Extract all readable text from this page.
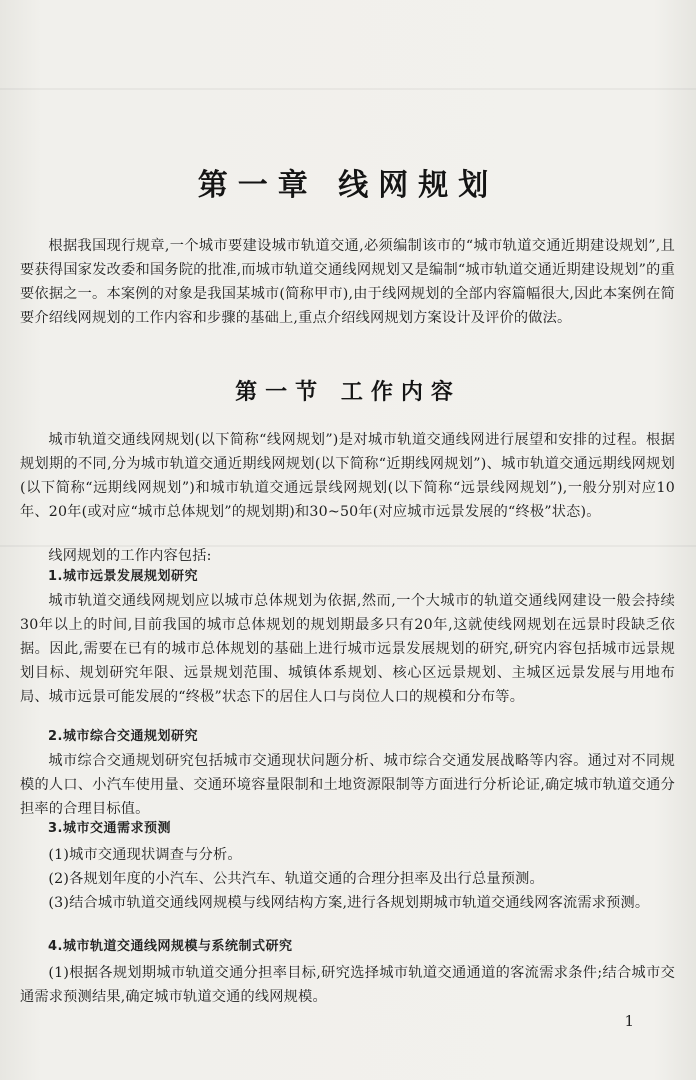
第一章 线网规划

根据我国现行规章,一个城市要建设城市轨道交通,必须编制该市的“城市轨道交通近期建设规划”,且要获得国家发改委和国务院的批准,而城市轨道交通线网规划又是编制“城市轨道交通近期建设规划”的重要依据之一。本案例的对象是我国某城市(简称甲市),由于线网规划的全部内容篇幅很大,因此本案例在简要介绍线网规划的工作内容和步骤的基础上,重点介绍线网规划方案设计及评价的做法。

第一节 工作内容

城市轨道交通线网规划(以下简称“线网规划”)是对城市轨道交通线网进行展望和安排的过程。根据规划期的不同,分为城市轨道交通近期线网规划(以下简称“近期线网规划”)、城市轨道交通远期线网规划(以下简称“远期线网规划”)和城市轨道交通远景线网规划(以下简称“远景线网规划”),一般分别对应10年、20年(或对应“城市总体规划”的规划期)和30~50年(对应城市远景发展的“终极”状态)。

线网规划的工作内容包括:

1.城市远景发展规划研究

城市轨道交通线网规划应以城市总体规划为依据,然而,一个大城市的轨道交通线网建设一般会持续30年以上的时间,目前我国的城市总体规划的规划期最多只有20年,这就使线网规划在远景时段缺乏依据。因此,需要在已有的城市总体规划的基础上进行城市远景发展规划的研究,研究内容包括城市远景规划目标、规划研究年限、远景规划范围、城镇体系规划、核心区远景规划、主城区远景发展与用地布局、城市远景可能发展的“终极”状态下的居住人口与岗位人口的规模和分布等。

2.城市综合交通规划研究

城市综合交通规划研究包括城市交通现状问题分析、城市综合交通发展战略等内容。通过对不同规模的人口、小汽车使用量、交通环境容量限制和土地资源限制等方面进行分析论证,确定城市轨道交通分担率的合理目标值。

3.城市交通需求预测

(1)城市交通现状调查与分析。

(2)各规划年度的小汽车、公共汽车、轨道交通的合理分担率及出行总量预测。

(3)结合城市轨道交通线网规模与线网结构方案,进行各规划期城市轨道交通线网客流需求预测。

4.城市轨道交通线网规模与系统制式研究

(1)根据各规划期城市轨道交通分担率目标,研究选择城市轨道交通通道的客流需求条件;结合城市交通需求预测结果,确定城市轨道交通的线网规模。

1
